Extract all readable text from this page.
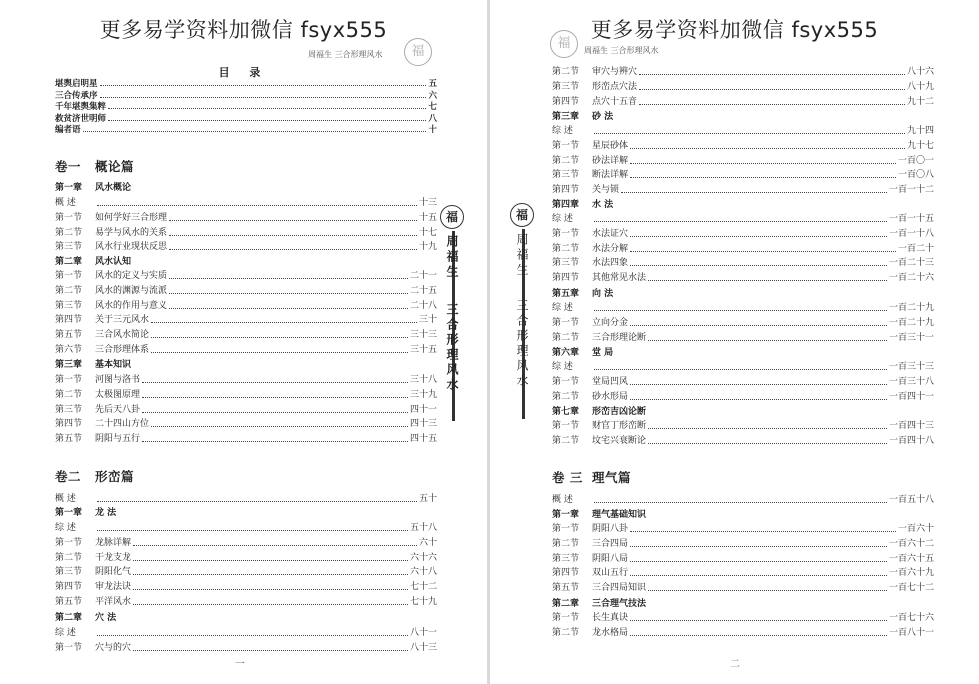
更多易学资料加微信 fsyx555
周福生 三合形理风水	福
目 录
堪舆启明星	五
三合传承序	六
千年堪舆集粹	七
救贫济世明师	八
编者语	十
卷一 概论篇
第一章 风水概论
概 述	十三
第一节	如何学好三合形理	十五
第二节	易学与风水的关系	十七
第三节	风水行业现状反思	十九
第二章 风水认知
第一节	风水的定义与实质	二十一
第二节	风水的渊源与流派	二十五
第三节	风水的作用与意义	二十八
第四节	关于三元风水	三十
第五节	三合风水简论	三十三
第六节	三合形理体系	三十五
第三章 基本知识
第一节	河图与洛书	三十八
第二节	太极图原理	三十九
第三节	先后天八卦	四十一
第四节	二十四山方位	四十三
第五节	阴阳与五行	四十五
卷二 形峦篇
概 述	五十
第一章 龙 法
综 述	五十八
第一节	龙脉详解	六十
第二节	干龙支龙	六十六
第三节	阴阳化气	六十八
第四节	审龙法诀	七十二
第五节	平洋风水	七十九
第二章 穴 法
综 述	八十一
第一节	穴与的穴	八十三
福
周福生
三合形理风水
一
更多易学资料加微信 fsyx555
福	周福生 三合形理风水
第二节	审穴与辨穴	八十六
第三节	形峦点穴法	八十九
第四节	点穴十五音	九十二
第三章 砂 法
综 述	九十四
第一节	星辰砂体	九十七
第二节	砂法详解	一百〇一
第三节	断法详解	一百〇八
第四节	关与锁	一百一十二
第四章 水 法
综 述	一百一十五
第一节	水法证穴	一百一十八
第二节	水法分解	一百二十
第三节	水法四象	一百二十三
第四节	其他常见水法	一百二十六
第五章 向 法
综 述	一百二十九
第一节	立向分金	一百二十九
第二节	三合形理论断	一百三十一
第六章 堂 局
综 述	一百三十三
第一节	堂局凹风	一百三十八
第二节	砂水形局	一百四十一
第七章 形峦吉凶论断
第一节	财官丁形峦断	一百四十三
第二节	坟宅兴衰断论	一百四十八
卷 三 理气篇
概 述	一百五十八
第一章 理气基础知识
第一节	阴阳八卦	一百六十
第二节	三合四局	一百六十二
第三节	阴阳八局	一百六十五
第四节	双山五行	一百六十九
第五节	三合四局知识	一百七十二
第二章 三合理气技法
第一节	长生真诀	一百七十六
第二节	龙水格局	一百八十一
福
周福生
三合形理风水
二
